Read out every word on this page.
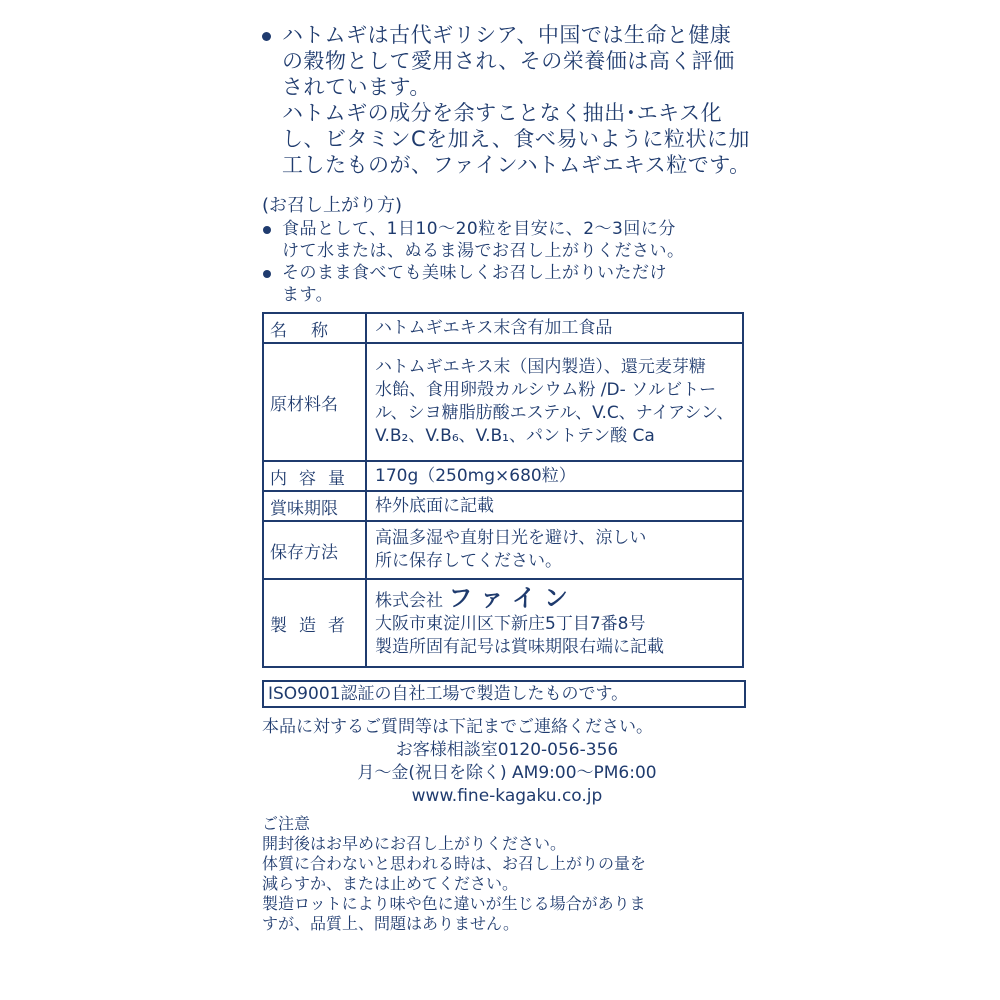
ハトムギは古代ギリシア、中国では生命と健康
の穀物として愛用され、その栄養価は高く評価
されています。
ハトムギの成分を余すことなく抽出･エキス化
し、ビタミンCを加え、食べ易いように粒状に加
工したものが、ファインハトムギエキス粒です。
(お召し上がり方)
食品として、1日10〜20粒を目安に、2〜3回に分
けて水または、ぬるま湯でお召し上がりください。
そのまま食べても美味しくお召し上がりいただけ
ます。
名称	ハトムギエキス末含有加工食品
原材料名	ハトムギエキス末（国内製造）、還元麦芽糖
水飴、食用卵殻カルシウム粉 /D- ソルビトー
ル、シヨ糖脂肪酸エステル、V.C、ナイアシン、
V.B₂、V.B₆、V.B₁、パントテン酸 Ca

内容量	170g（250mg×680粒）
賞味期限	枠外底面に記載
保存方法	高温多湿や直射日光を避け、涼しい
所に保存してください。

製造者	株式会社 ファイン
大阪市東淀川区下新庄5丁目7番8号
製造所固有記号は賞味期限右端に記載
ISO9001認証の自社工場で製造したものです。
本品に対するご質問等は下記までご連絡ください。
お客様相談室0120-056-356
月〜金(祝日を除く) AM9:00〜PM6:00
www.fine-kagaku.co.jp
ご注意
開封後はお早めにお召し上がりください。
体質に合わないと思われる時は、お召し上がりの量を
減らすか、または止めてください。
製造ロットにより味や色に違いが生じる場合がありま
すが、品質上、問題はありません。
